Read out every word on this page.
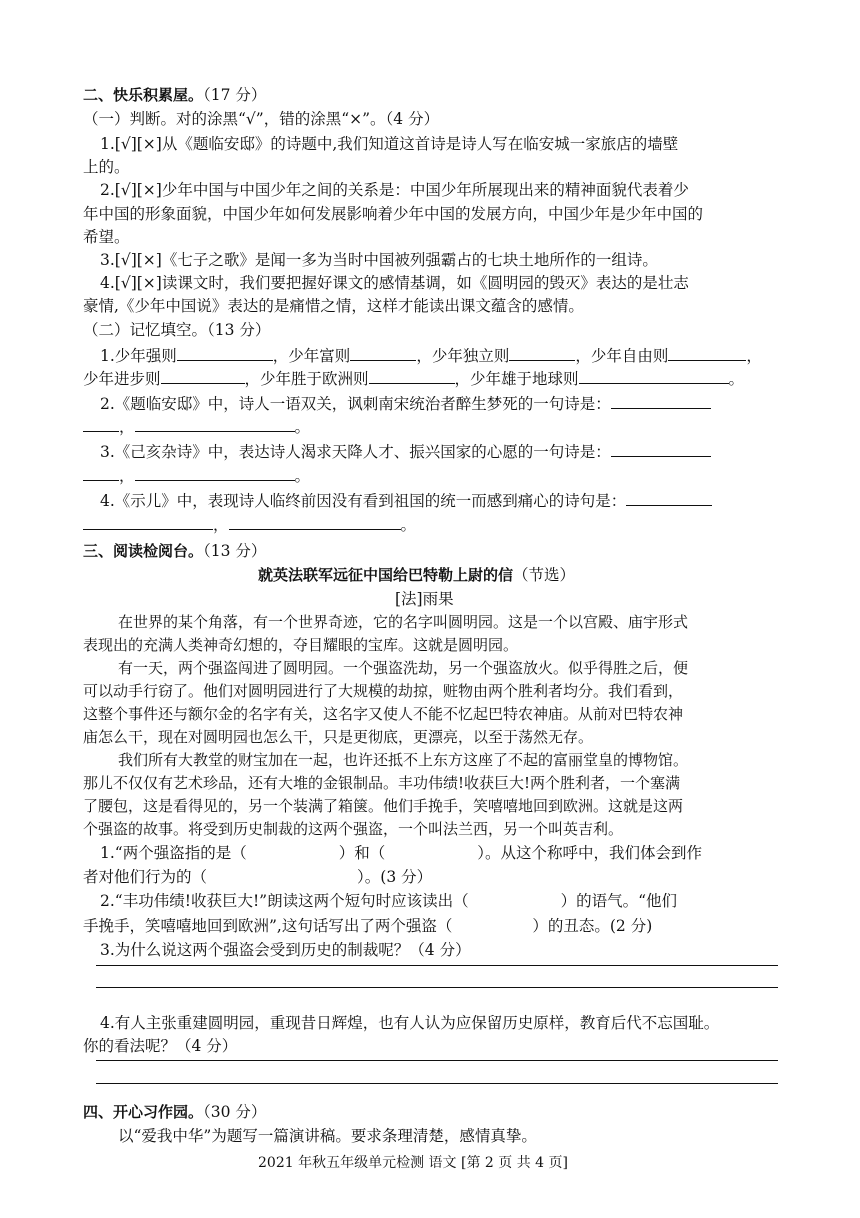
二、快乐积累屋。（17 分）
（一）判断。对的涂黑“√”，错的涂黑“×”。（4 分）
1.[√][×]从《题临安邸》的诗题中,我们知道这首诗是诗人写在临安城一家旅店的墙壁
上的。
2.[√][×]少年中国与中国少年之间的关系是：中国少年所展现出来的精神面貌代表着少
年中国的形象面貌，中国少年如何发展影响着少年中国的发展方向，中国少年是少年中国的
希望。
3.[√][×]《七子之歌》是闻一多为当时中国被列强霸占的七块土地所作的一组诗。
4.[√][×]读课文时，我们要把握好课文的感情基调，如《圆明园的毁灭》表达的是壮志
豪情,《少年中国说》表达的是痛惜之情，这样才能读出课文蕴含的感情。
（二）记忆填空。（13 分）
1.少年强则	，少年富则	，少年独立则	，少年自由则	，
少年进步则	，少年胜于欧洲则	，少年雄于地球则	。
2.《题临安邸》中，诗人一语双关，讽刺南宋统治者醉生梦死的一句诗是：
，	。
3.《己亥杂诗》中，表达诗人渴求天降人才、振兴国家的心愿的一句诗是：
，	。
4.《示儿》中，表现诗人临终前因没有看到祖国的统一而感到痛心的诗句是：
，	。
三、阅读检阅台。（13 分）
就英法联军远征中国给巴特勒上尉的信（节选）
[法]雨果
在世界的某个角落，有一个世界奇迹，它的名字叫圆明园。这是一个以宫殿、庙宇形式
表现出的充满人类神奇幻想的，夺目耀眼的宝库。这就是圆明园。
有一天，两个强盗闯进了圆明园。一个强盗洗劫，另一个强盗放火。似乎得胜之后，便
可以动手行窃了。他们对圆明园进行了大规模的劫掠，赃物由两个胜利者均分。我们看到，
这整个事件还与额尔金的名字有关，这名字又使人不能不忆起巴特农神庙。从前对巴特农神
庙怎么干，现在对圆明园也怎么干，只是更彻底，更漂亮，以至于荡然无存。
我们所有大教堂的财宝加在一起，也许还抵不上东方这座了不起的富丽堂皇的博物馆。
那儿不仅仅有艺术珍品，还有大堆的金银制品。丰功伟绩!收获巨大!两个胜利者，一个塞满
了腰包，这是看得见的，另一个装满了箱箧。他们手挽手，笑嘻嘻地回到欧洲。这就是这两
个强盗的故事。将受到历史制裁的这两个强盗，一个叫法兰西，另一个叫英吉利。
1.“两个强盗指的是（	）和（	）。从这个称呼中，我们体会到作
者对他们行为的（	）。(3 分）
2.“丰功伟绩!收获巨大!”朗读这两个短句时应该读出（	）的语气。“他们
手挽手，笑嘻嘻地回到欧洲”,这句话写出了两个强盗（	）的丑态。(2 分)
3.为什么说这两个强盗会受到历史的制裁呢？（4 分）
4.有人主张重建圆明园，重现昔日辉煌，也有人认为应保留历史原样，教育后代不忘国耻。
你的看法呢？（4 分）
四、开心习作园。（30 分）
以“爱我中华”为题写一篇演讲稿。要求条理清楚，感情真挚。
2021 年秋五年级单元检测 语文 [第 2 页 共 4 页]
